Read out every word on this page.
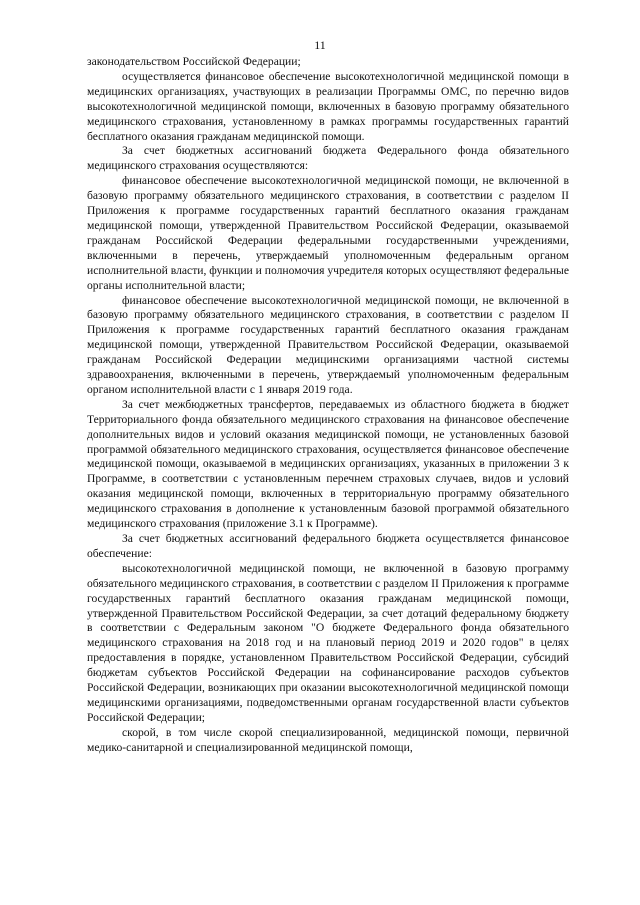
11

законодательством Российской Федерации;

осуществляется финансовое обеспечение высокотехнологичной медицинской помощи в медицинских организациях, участвующих в реализации Программы ОМС, по перечню видов высокотехнологичной медицинской помощи, включенных в базовую программу обязательного медицинского страхования, установленному в рамках программы государственных гарантий бесплатного оказания гражданам медицинской помощи.

За счет бюджетных ассигнований бюджета Федерального фонда обязательного медицинского страхования осуществляются:

финансовое обеспечение высокотехнологичной медицинской помощи, не включенной в базовую программу обязательного медицинского страхования, в соответствии с разделом II Приложения к программе государственных гарантий бесплатного оказания гражданам медицинской помощи, утвержденной Правительством Российской Федерации, оказываемой гражданам Российской Федерации федеральными государственными учреждениями, включенными в перечень, утверждаемый уполномоченным федеральным органом исполнительной власти, функции и полномочия учредителя которых осуществляют федеральные органы исполнительной власти;

финансовое обеспечение высокотехнологичной медицинской помощи, не включенной в базовую программу обязательного медицинского страхования, в соответствии с разделом II Приложения к программе государственных гарантий бесплатного оказания гражданам медицинской помощи, утвержденной Правительством Российской Федерации, оказываемой гражданам Российской Федерации медицинскими организациями частной системы здравоохранения, включенными в перечень, утверждаемый уполномоченным федеральным органом исполнительной власти с 1 января 2019 года.

За счет межбюджетных трансфертов, передаваемых из областного бюджета в бюджет Территориального фонда обязательного медицинского страхования на финансовое обеспечение дополнительных видов и условий оказания медицинской помощи, не установленных базовой программой обязательного медицинского страхования, осуществляется финансовое обеспечение медицинской помощи, оказываемой в медицинских организациях, указанных в приложении 3 к Программе, в соответствии с установленным перечнем страховых случаев, видов и условий оказания медицинской помощи, включенных в территориальную программу обязательного медицинского страхования в дополнение к установленным базовой программой обязательного медицинского страхования (приложение 3.1 к Программе).

За счет бюджетных ассигнований федерального бюджета осуществляется финансовое обеспечение:

высокотехнологичной медицинской помощи, не включенной в базовую программу обязательного медицинского страхования, в соответствии с разделом II Приложения к программе государственных гарантий бесплатного оказания гражданам медицинской помощи, утвержденной Правительством Российской Федерации, за счет дотаций федеральному бюджету в соответствии с Федеральным законом "О бюджете Федерального фонда обязательного медицинского страхования на 2018 год и на плановый период 2019 и 2020 годов" в целях предоставления в порядке, установленном Правительством Российской Федерации, субсидий бюджетам субъектов Российской Федерации на софинансирование расходов субъектов Российской Федерации, возникающих при оказании высокотехнологичной медицинской помощи медицинскими организациями, подведомственными органам государственной власти субъектов Российской Федерации;

скорой, в том числе скорой специализированной, медицинской помощи, первичной медико-санитарной и специализированной медицинской помощи,
